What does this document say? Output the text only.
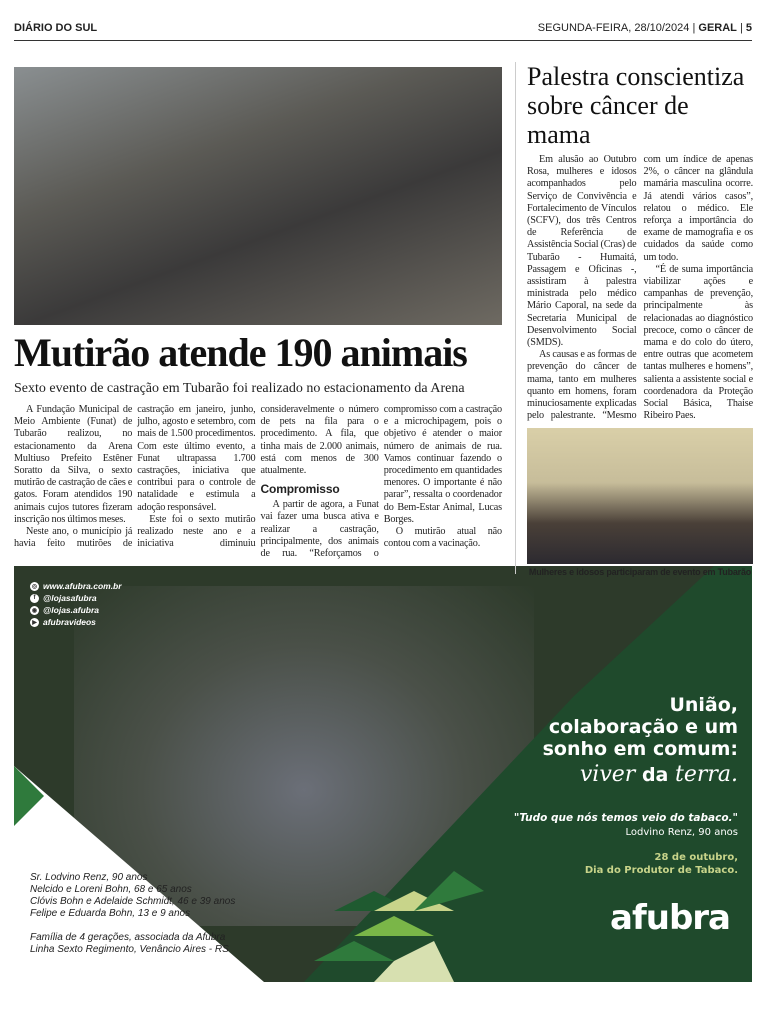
DIÁRIO DO SUL	SEGUNDA-FEIRA, 28/10/2024 | GERAL | 5
Mutirão atende 190 animais
Sexto evento de castração em Tubarão foi realizado no estacionamento da Arena

A Fundação Municipal de Meio Ambiente (Funat) de Tubarão realizou, no estacionamento da Arena Multiuso Prefeito Estêner Soratto da Silva, o sexto mutirão de castração de cães e gatos. Foram atendidos 190 animais cujos tutores fizeram inscrição nos últimos meses.

Neste ano, o município já havia feito mutirões de castração em janeiro, junho, julho, agosto e setembro, com mais de 1.500 procedimentos. Com este último evento, a Funat ultrapassa 1.700 castrações, iniciativa que contribui para o controle de natalidade e estimula a adoção responsável.

Este foi o sexto mutirão realizado neste ano e a iniciativa diminuiu consideravelmente o número de pets na fila para o procedimento. A fila, que tinha mais de 2.000 animais, está com menos de 300 atualmente.

Compromisso

A partir de agora, a Funat vai fazer uma busca ativa e realizar a castração, principalmente, dos animais de rua. “Reforçamos o compromisso com a castração e a microchipagem, pois o objetivo é atender o maior número de animais de rua. Vamos continuar fazendo o procedimento em quantidades menores. O importante é não parar”, ressalta o coordenador do Bem-Estar Animal, Lucas Borges.

O mutirão atual não contou com a vacinação.

◎ www.afubra.com.br
f @lojasafubra
◉ @lojas.afubra
▶ afubravideos
União,
colaboração e um
sonho em comum:
viver da terra.
"Tudo que nós temos veio do tabaco."
Lodvino Renz, 90 anos
28 de outubro,
Dia do Produtor de Tabaco.
afubra
Sr. Lodvino Renz, 90 anos
Nelcido e Loreni Bohn, 68 e 65 anos
Clóvis Bohn e Adelaide Schmidt, 46 e 39 anos
Felipe e Eduarda Bohn, 13 e 9 anos
Família de 4 gerações, associada da Afubra
Linha Sexto Regimento, Venâncio Aires - RS
Palestra conscientiza sobre câncer de mama

Em alusão ao Outubro Rosa, mulheres e idosos acompanhados pelo Serviço de Convivência e Fortalecimento de Vínculos (SCFV), dos três Centros de Referência de Assistência Social (Cras) de Tubarão - Humaitá, Passagem e Oficinas -, assistiram à palestra ministrada pelo médico Mário Caporal, na sede da Secretaria Municipal de Desenvolvimento Social (SMDS).

As causas e as formas de prevenção do câncer de mama, tanto em mulheres quanto em homens, foram minuciosamente explicadas pelo palestrante. “Mesmo com um índice de apenas 2%, o câncer na glândula mamária masculina ocorre. Já atendi vários casos”, relatou o médico. Ele reforça a importância do exame de mamografia e os cuidados da saúde como um todo.

“É de suma importância viabilizar ações e campanhas de prevenção, principalmente às relacionadas ao diagnóstico precoce, como o câncer de mama e do colo do útero, entre outras que acometem tantas mulheres e homens”, salienta a assistente social e coordenadora da Proteção Social Básica, Thaise Ribeiro Paes.

Mulheres e idosos participaram de evento em Tubarão
